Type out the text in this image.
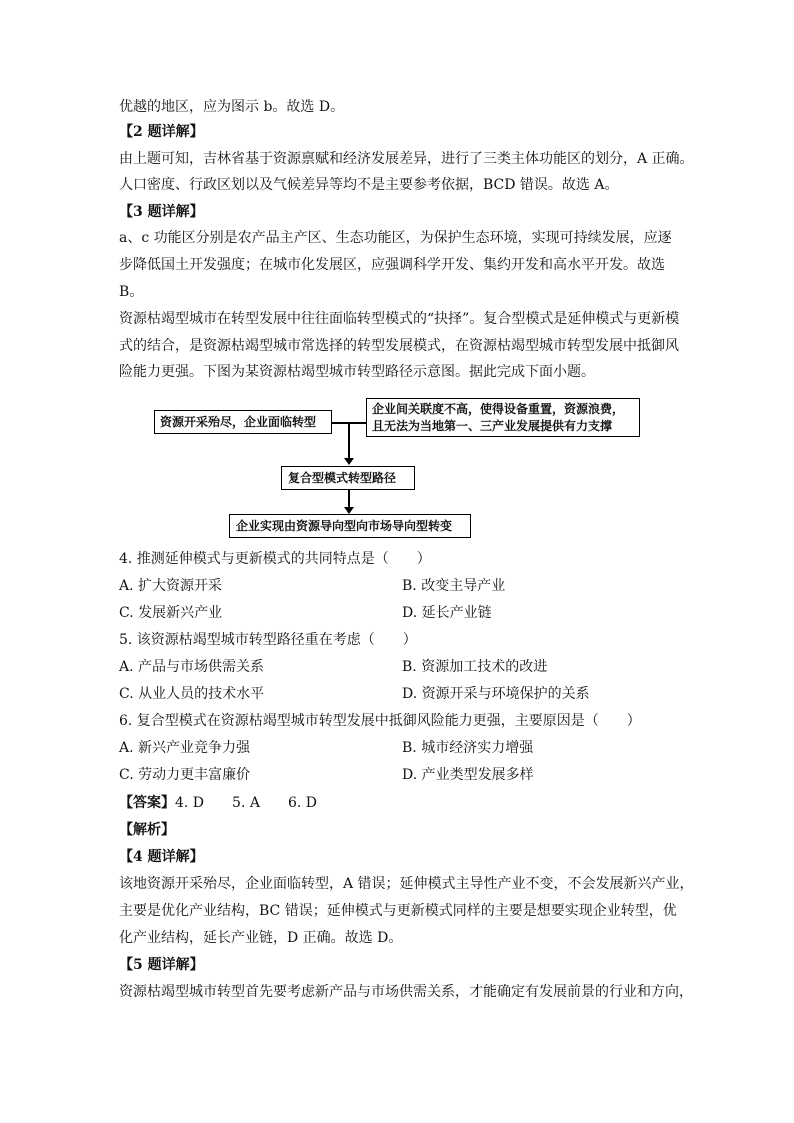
优越的地区，应为图示 b。故选 D。
【2 题详解】
由上题可知，吉林省基于资源禀赋和经济发展差异，进行了三类主体功能区的划分，A 正确。
人口密度、行政区划以及气候差异等均不是主要参考依据，BCD 错误。故选 A。
【3 题详解】
a、c 功能区分别是农产品主产区、生态功能区，为保护生态环境，实现可持续发展，应逐
步降低国土开发强度；在城市化发展区，应强调科学开发、集约开发和高水平开发。故选
B。
资源枯竭型城市在转型发展中往往面临转型模式的“抉择”。复合型模式是延伸模式与更新模
式的结合，是资源枯竭型城市常选择的转型发展模式，在资源枯竭型城市转型发展中抵御风
险能力更强。下图为某资源枯竭型城市转型路径示意图。据此完成下面小题。
资源开采殆尽，企业面临转型
企业间关联度不高，使得设备重置，资源浪费，
且无法为当地第一、三产业发展提供有力支撑
复合型模式转型路径
企业实现由资源导向型向市场导向型转变
4. 推测延伸模式与更新模式的共同特点是（　　）
A. 扩大资源开采	B. 改变主导产业
C. 发展新兴产业	D. 延长产业链
5. 该资源枯竭型城市转型路径重在考虑（　　）
A. 产品与市场供需关系	B. 资源加工技术的改进
C. 从业人员的技术水平	D. 资源开采与环境保护的关系
6. 复合型模式在资源枯竭型城市转型发展中抵御风险能力更强，主要原因是（　　）
A. 新兴产业竞争力强	B. 城市经济实力增强
C. 劳动力更丰富廉价	D. 产业类型发展多样
【答案】4. D　　5. A　　6. D
【解析】
【4 题详解】
该地资源开采殆尽，企业面临转型，A 错误；延伸模式主导性产业不变，不会发展新兴产业，
主要是优化产业结构，BC 错误；延伸模式与更新模式同样的主要是想要实现企业转型，优
化产业结构，延长产业链，D 正确。故选 D。
【5 题详解】
资源枯竭型城市转型首先要考虑新产品与市场供需关系，才能确定有发展前景的行业和方向，
